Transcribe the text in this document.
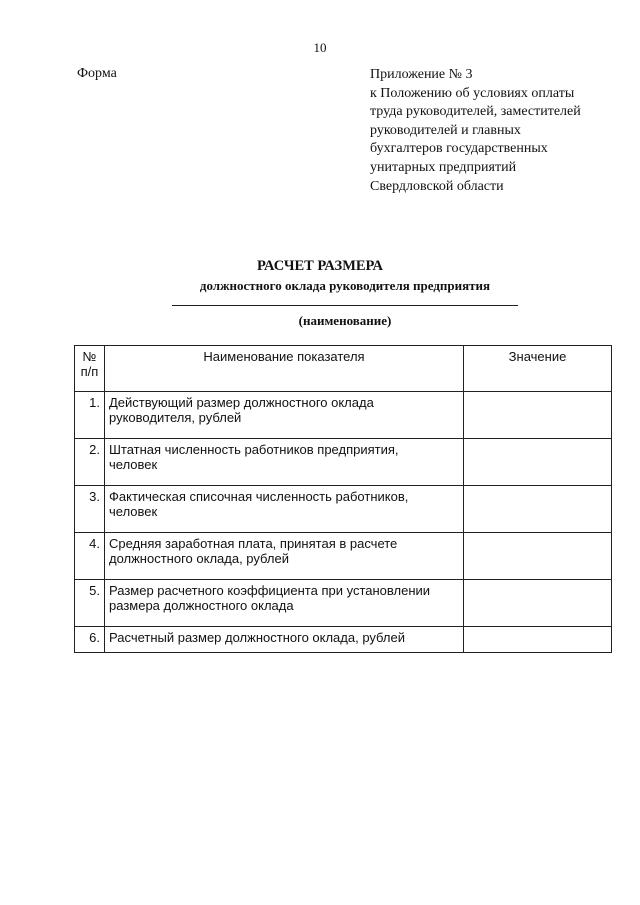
10
Форма	Приложение № 3
к Положению об условиях оплаты
труда руководителей, заместителей
руководителей и главных
бухгалтеров государственных
унитарных предприятий
Свердловской области
РАСЧЕТ РАЗМЕРА
должностного оклада руководителя предприятия
(наименование)
№
п/п	Наименование показателя	Значение
1.	Действующий размер должностного оклада
руководителя, рублей	

2.	Штатная численность работников предприятия,
человек	

3.	Фактическая списочная численность работников,
человек	

4.	Средняя заработная плата, принятая в расчете
должностного оклада, рублей	

5.	Размер расчетного коэффициента при установлении
размера должностного оклада	

6.	Расчетный размер должностного оклада, рублей	
